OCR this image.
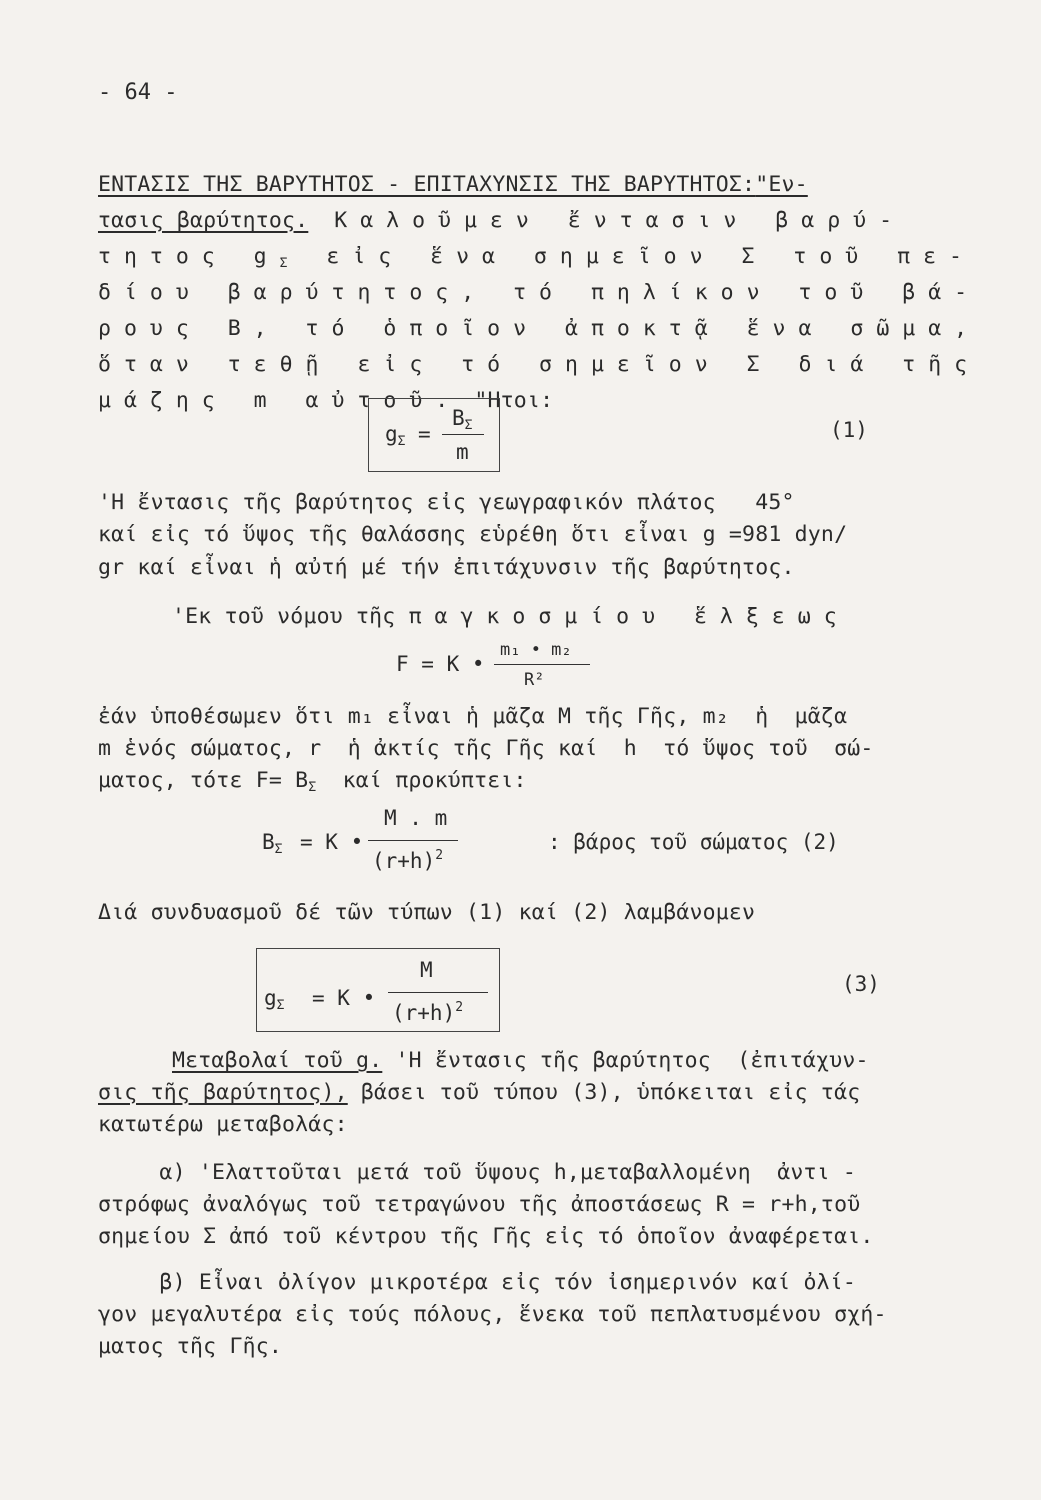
- 64 -
ΕΝΤΑΣΙΣ ΤΗΣ ΒΑΡΥΤΗΤΟΣ - ΕΠΙΤΑΧΥΝΣΙΣ ΤΗΣ ΒΑΡΥΤΗΤΟΣ:"Εν-
τασις βαρύτητος. Καλοῦμεν ἔντασιν βαρύ-
τητος $g_\Sigma$ εἰς ἕνα σημεῖον Σ τοῦ πε-
δίου βαρύτητος, τό πηλίκον τοῦ βά-
ρους Β, τό ὁποῖον ἀποκτᾷ ἕνα σῶμα,
ὅταν τεθῇ εἰς τό σημεῖον Σ διά τῆς
μάζης m αὐτοῦ. "Ητοι:
$g_\Sigma$ =
$B_\Sigma$
m
(1)
'Η ἔντασις τῆς βαρύτητος εἰς γεωγραφικόν πλάτος   45°
καί εἰς τό ὕψος τῆς θαλάσσης εὑρέθη ὅτι εἶναι g =981 dyn/
gr καί εἶναι ἡ αὐτή μέ τήν ἐπιτάχυνσιν τῆς βαρύτητος.
'Εκ τοῦ νόμου τῆς παγκοσμίου ἕλξεως
F = K •
m₁ • m₂
R²
ἐάν ὑποθέσωμεν ὅτι m₁ εἶναι ἡ μᾶζα Μ τῆς Γῆς, m₂  ἡ  μᾶζα
m ἑνός σώματος, r  ἡ ἀκτίς τῆς Γῆς καί  h  τό ὕψος τοῦ  σώ-
ματος, τότε $F= B_\Sigma$  καί προκύπτει:
$B_\Sigma = K$ •
M . m
$(r+h)^2$
: βάρος τοῦ σώματος (2)
Διά συνδυασμοῦ δέ τῶν τύπων (1) καί (2) λαμβάνομεν
$g_\Sigma = K$ •
M
$(r+h)^2$
(3)
Μεταβολαί τοῦ g. 'Η ἔντασις τῆς βαρύτητος  (ἐπιτάχυν-
σις τῆς βαρύτητος), βάσει τοῦ τύπου (3), ὑπόκειται εἰς τάς
κατωτέρω μεταβολάς:
α) 'Ελαττοῦται μετά τοῦ ὕψους h,μεταβαλλομένη  ἀντι -
στρόφως ἀναλόγως τοῦ τετραγώνου τῆς ἀποστάσεως R = r+h,τοῦ
σημείου Σ ἀπό τοῦ κέντρου τῆς Γῆς εἰς τό ὁποῖον ἀναφέρεται.
β) Εἶναι ὀλίγον μικροτέρα εἰς τόν ἰσημερινόν καί ὀλί-
γον μεγαλυτέρα εἰς τούς πόλους, ἕνεκα τοῦ πεπλατυσμένου σχή-
ματος τῆς Γῆς.
